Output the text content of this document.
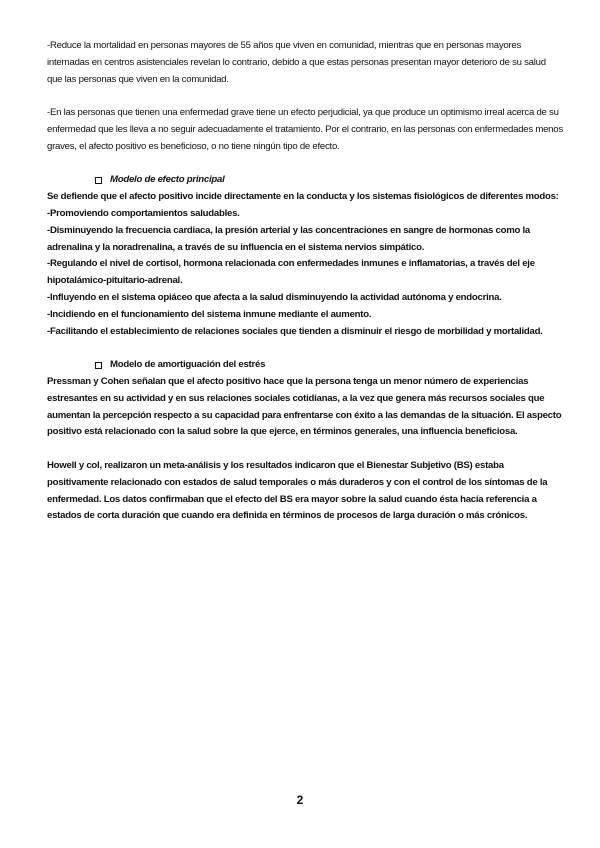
-Reduce la mortalidad en personas mayores de 55 años que viven en comunidad, mientras que en personas mayores internadas en centros asistenciales revelan lo contrario, debido a que estas personas presentan mayor deterioro de su salud que las personas que viven en la comunidad.

-En las personas que tienen una enfermedad grave tiene un efecto perjudicial, ya que produce un optimismo irreal acerca de su enfermedad que les lleva a no seguir adecuadamente el tratamiento. Por el contrario, en las personas con enfermedades menos graves, el afecto positivo es beneficioso, o no tiene ningún tipo de efecto.

Modelo de efecto principal

Se defiende que el afecto positivo incide directamente en la conducta y los sistemas fisiológicos de diferentes modos:

-Promoviendo comportamientos saludables.

-Disminuyendo la frecuencia cardiaca, la presión arterial y las concentraciones en sangre de hormonas como la adrenalina y la noradrenalina, a través de su influencia en el sistema nervios simpático.

-Regulando el nivel de cortisol, hormona relacionada con enfermedades inmunes e inflamatorias, a través del eje hipotalámico-pituitario-adrenal.

-Influyendo en el sistema opiáceo que afecta a la salud disminuyendo la actividad autónoma y endocrina.

-Incidiendo en el funcionamiento del sistema inmune mediante el aumento.

-Facilitando el establecimiento de relaciones sociales que tienden a disminuir el riesgo de morbilidad y mortalidad.

Modelo de amortiguación del estrés

Pressman y Cohen señalan que el afecto positivo hace que la persona tenga un menor número de experiencias estresantes en su actividad y en sus relaciones sociales cotidianas, a la vez que genera más recursos sociales que aumentan la percepción respecto a su capacidad para enfrentarse con éxito a las demandas de la situación. El aspecto positivo está relacionado con la salud sobre la que ejerce, en términos generales, una influencia beneficiosa.

Howell y col, realizaron un meta-análisis y los resultados indicaron que el Bienestar Subjetivo (BS) estaba positivamente relacionado con estados de salud temporales o más duraderos y con el control de los síntomas de la enfermedad. Los datos confirmaban que el efecto del BS era mayor sobre la salud cuando ésta hacía referencia a estados de corta duración que cuando era definida en términos de procesos de larga duración o más crónicos.

2
